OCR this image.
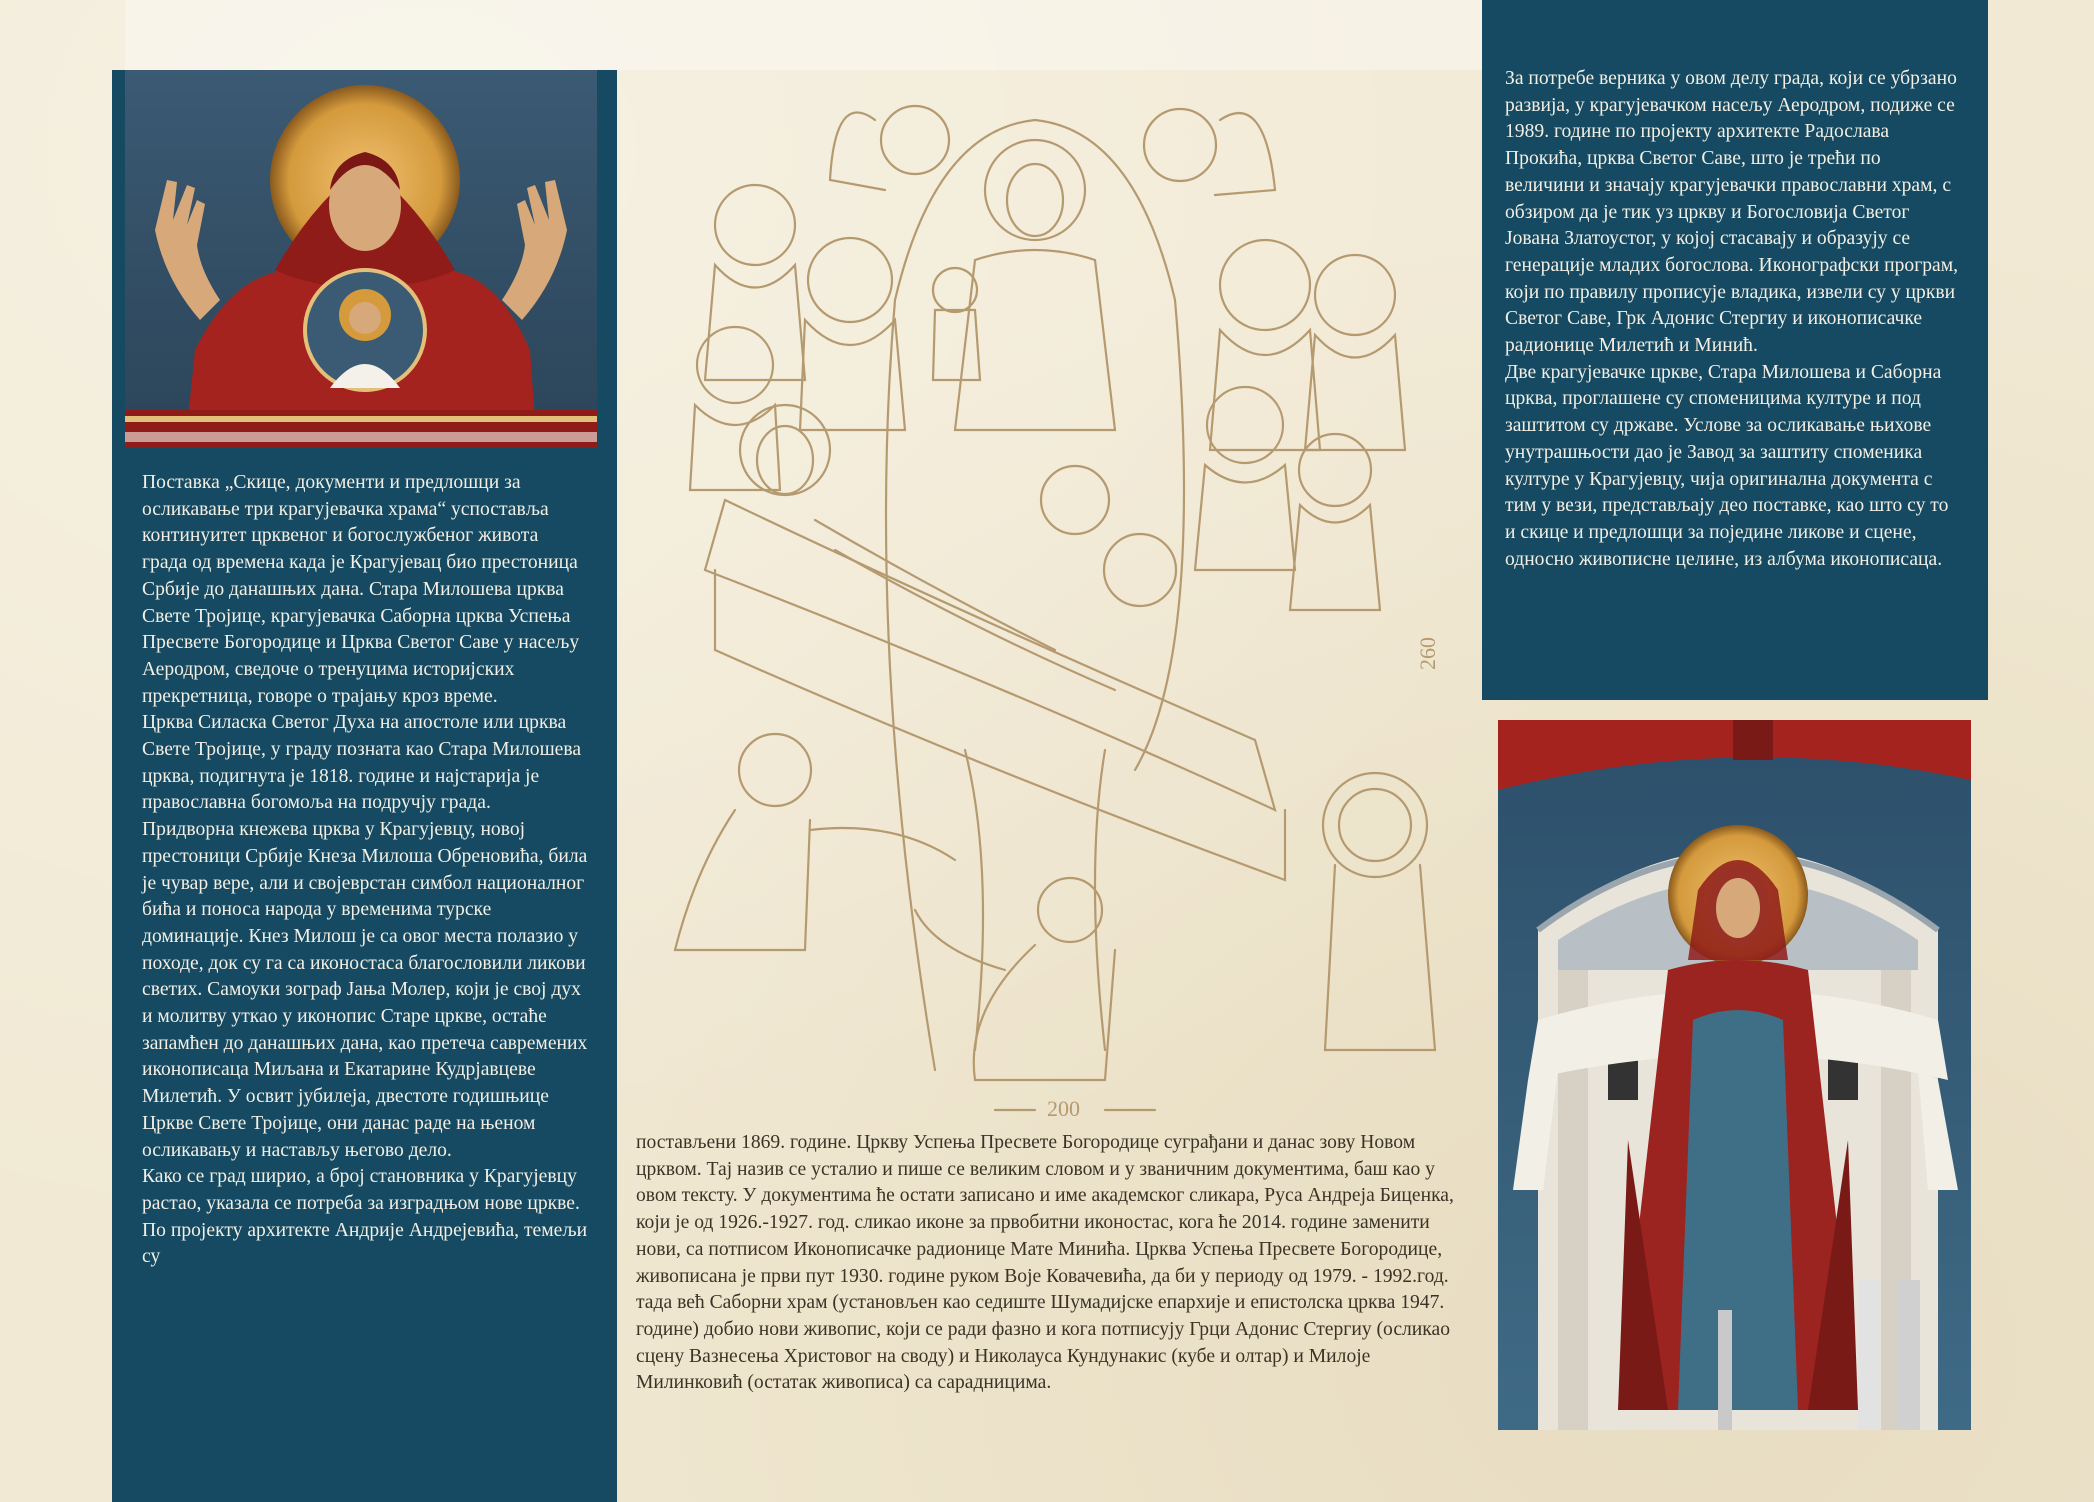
Поставка „Скице, документи и предлошци за осликавање три крагујевачка храма“ успоставља континуитет црквеног и богослужбеног живота града од времена када је Крагујевац био престоница Србије до данашњих дана. Стара Милошева црква Свете Тројице, крагујевачка Саборна црква Успења Пресвете Богородице и Црква Светог Саве у насељу Аеродром, сведоче о тренуцима историјских прекретница, говоре о трајању кроз време.

Црква Силаска Светог Духа на апостоле или црква Свете Тројице, у граду позната као Стара Милошева црква, подигнута је 1818. године и најстарија је православна богомоља на подручју града. Придворна кнежева црква у Крагујевцу, новој престоници Србије Кнеза Милоша Обреновића, била је чувар вере, али и својеврстан симбол националног бића и поноса народа у временима турске доминације. Кнез Милош је са овог места полазио у походе, док су га са иконостаса благословили ликови светих. Самоуки зограф Јања Молер, који је свој дух и молитву уткао у иконопис Старе цркве, остаће запамћен до данашњих дана, као претеча савремених иконописаца Миљана и Екатарине Кудрјавцеве Милетић. У освит јубилеја, двестоте годишњице Цркве Свете Тројице, они данас раде на њеном осликавању и настављу његово дело.

Како се град ширио, а број становника у Крагујевцу растао, указала се потреба за изградњом нове цркве. По пројекту архитекте Андрије Андрејевића, темељи су

260
200

постављени 1869. године. Цркву Успења Пресвете Богородице суграђани и данас зову Новом црквом. Тај назив се усталио и пише се великим словом и у званичним документима, баш као у овом тексту. У документима ће остати записано и име академског сликара, Руса Андреја Биценка, који је од 1926.-1927. год. сликао иконе за првобитни иконостас, кога ће 2014. године заменити нови, са потписом Иконописачке радионице Мате Минића. Црква Успења Пресвете Богородице, живописана је први пут 1930. године руком Воје Ковачевића, да би у периоду од 1979. - 1992.год. тада већ Саборни храм (установљен као седиште Шумадијске епархије и епистолска црква 1947. године) добио нови живопис, који се ради фазно и кога потписују Грци Адонис Стергиу (осликао сцену Вазнесења Христовог на своду) и Николауса Кундунакис (кубе и олтар) и Милоје Милинковић (остатак живописа) са сарадницима.

За потребе верника у овом делу града, који се убрзано развија, у крагујевачком насељу Аеродром, подиже се 1989. године по пројекту архитекте Радослава Прокића, црква Светог Саве, што је трећи по величини и значају крагујевачки православни храм, с обзиром да је тик уз цркву и Богословија Светог Јована Златоустог, у којој стасавају и образују се генерације младих богослова. Иконографски програм, који по правилу прописује владика, извели су у цркви Светог Саве, Грк Адонис Стергиу и иконописачке радионице Милетић и Минић.

Две крагујевачке цркве, Стара Милошева и Саборна црква, проглашене су споменицима културе и под заштитом су државе. Услове за осликавање њихове унутрашњости дао је Завод за заштиту споменика културе у Крагујевцу, чија оригинална документа с тим у вези, представљају део поставке, као што су то и скице и предлошци за поједине ликове и сцене, односно живописне целине, из албума иконописаца.
